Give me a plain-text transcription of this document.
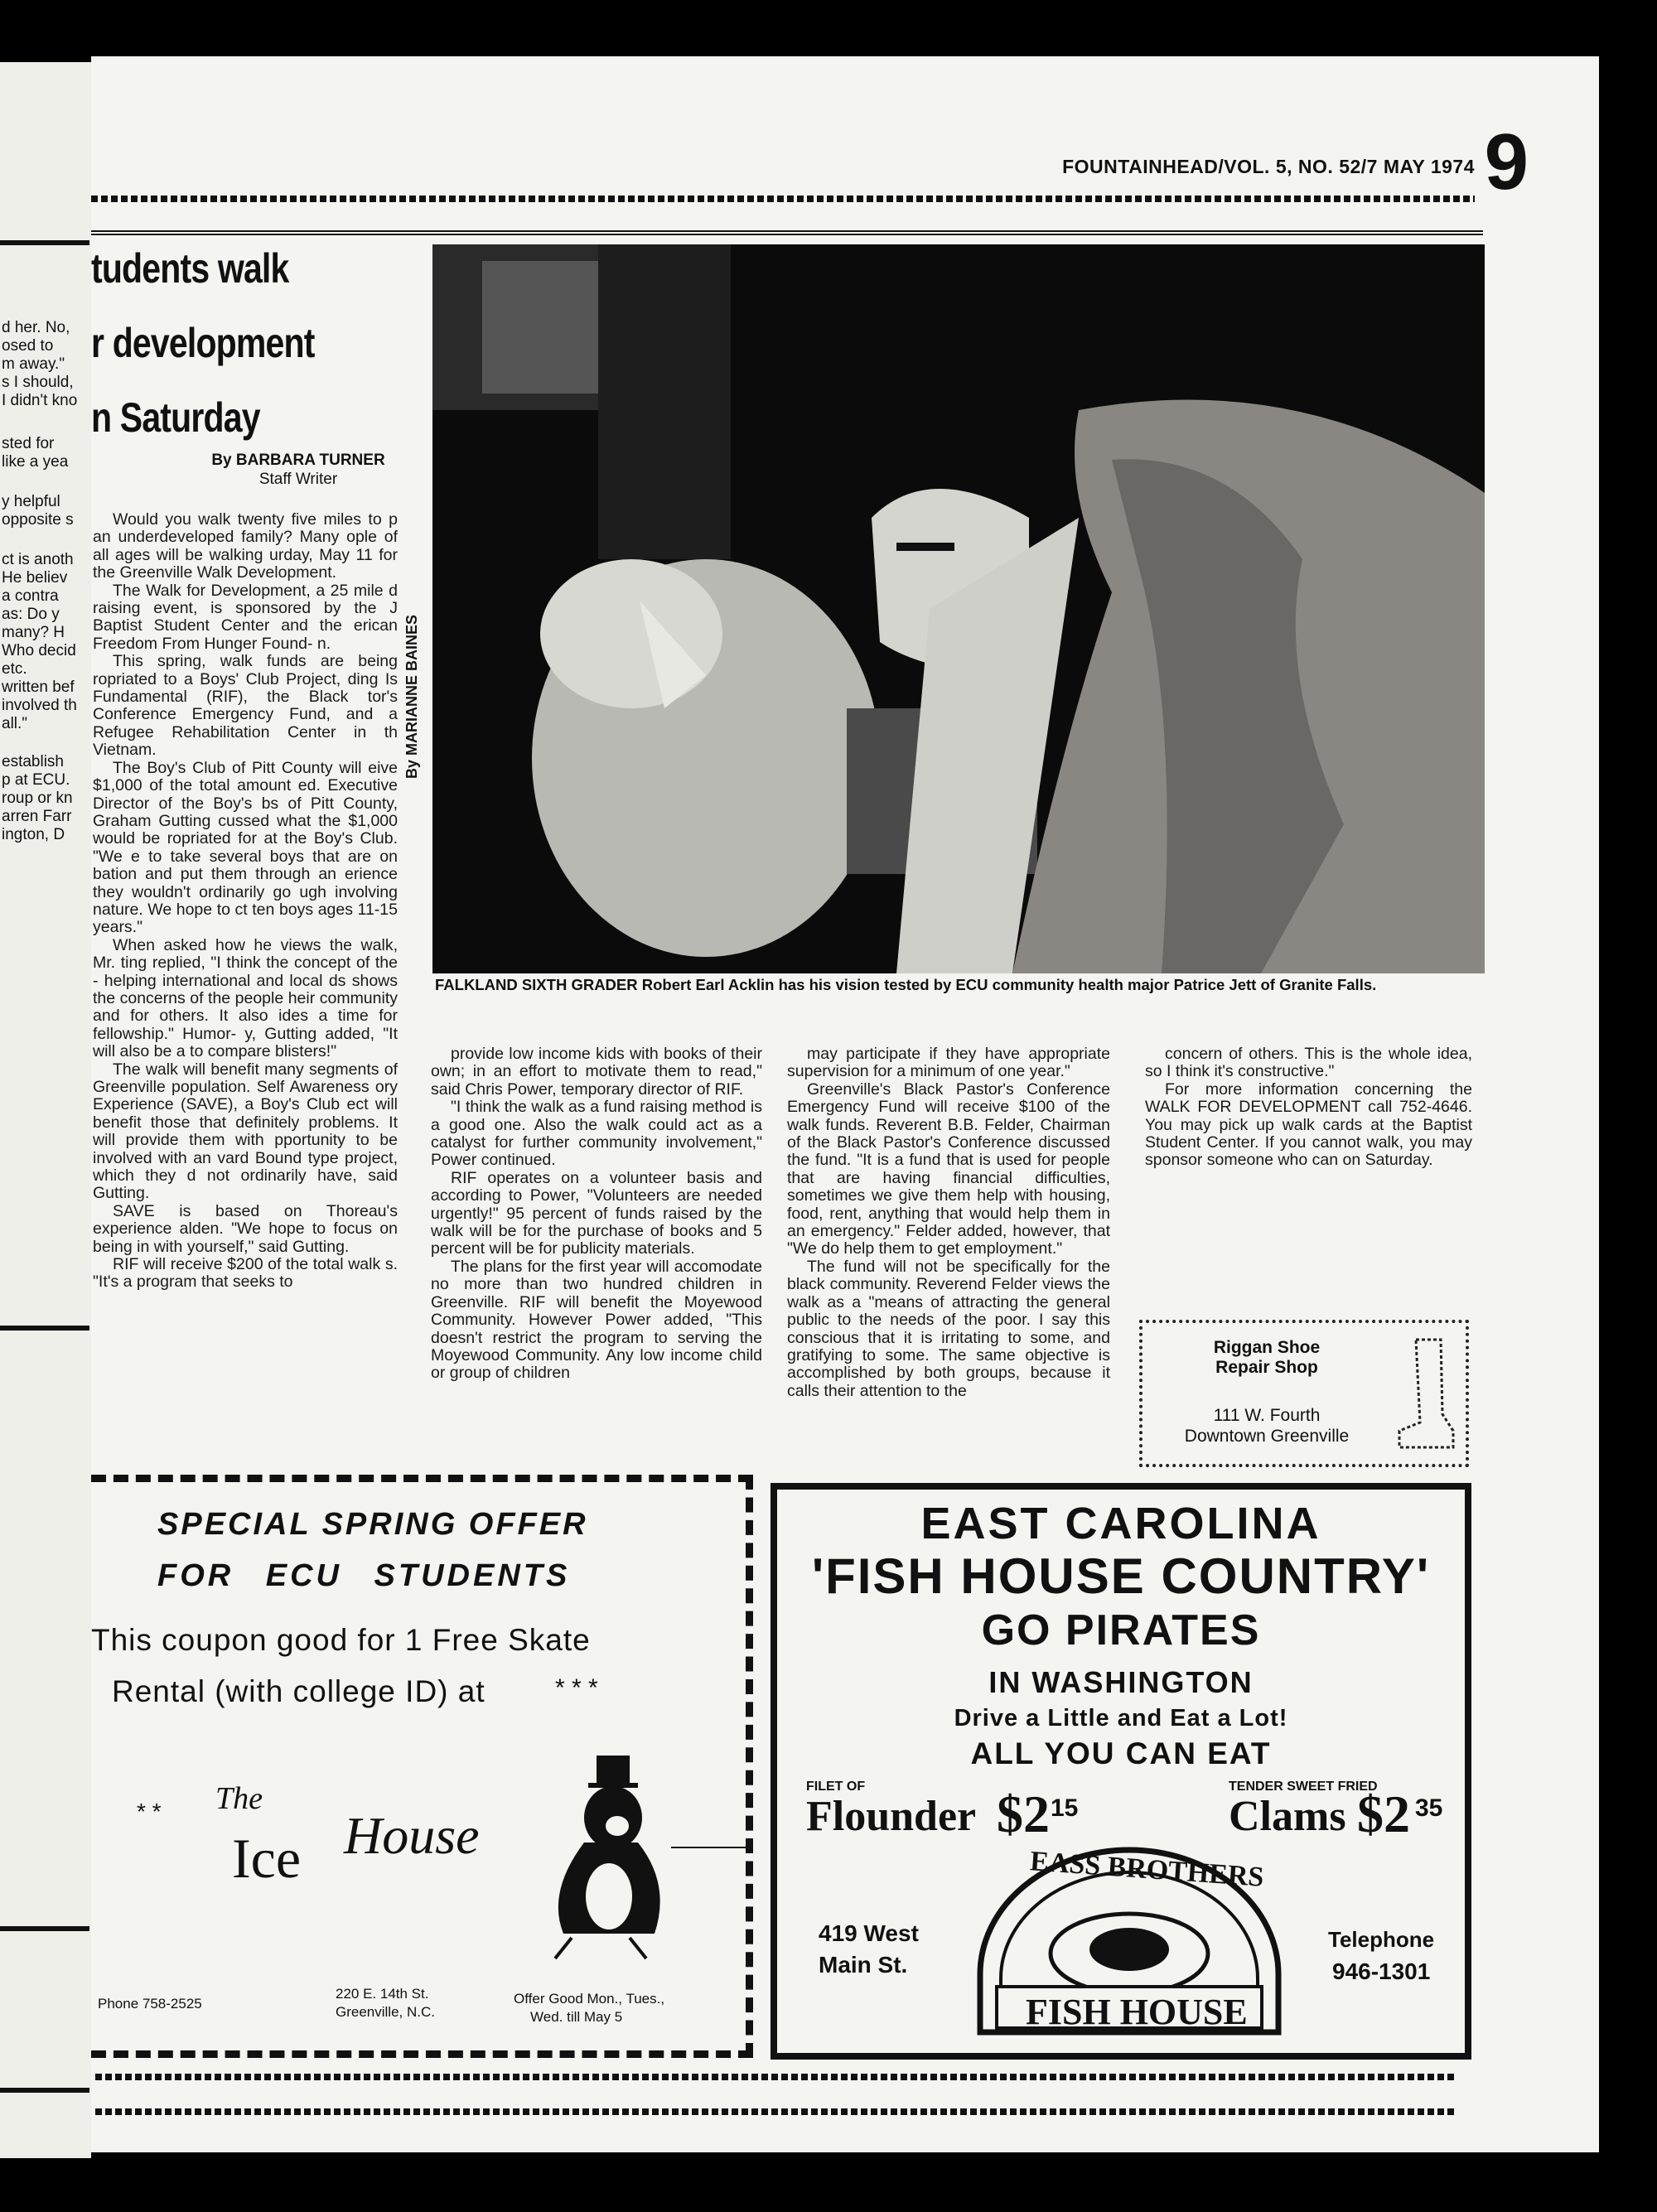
d her. No,
osed to
m away."
s I should,
I didn't kno
sted for
like a yea
y helpful
opposite s
ct is anoth
He believ
a contra
as: Do y
many? H
Who decid
etc.
written bef
involved th
all."
establish
p at ECU.
roup or kn
arren Farr
ington, D
9
FOUNTAINHEAD/VOL. 5, NO. 52/7 MAY 1974
tudents walk
r development
n Saturday
By BARBARA TURNER
Staff Writer

Would you walk twenty five miles to p an underdeveloped family? Many ople of all ages will be walking urday, May 11 for the Greenville Walk Development.

The Walk for Development, a 25 mile d raising event, is sponsored by the J Baptist Student Center and the erican Freedom From Hunger Found- n.

This spring, walk funds are being ropriated to a Boys' Club Project, ding Is Fundamental (RIF), the Black tor's Conference Emergency Fund, and a Refugee Rehabilitation Center in th Vietnam.

The Boy's Club of Pitt County will eive $1,000 of the total amount ed. Executive Director of the Boy's bs of Pitt County, Graham Gutting cussed what the $1,000 would be ropriated for at the Boy's Club. "We e to take several boys that are on bation and put them through an erience they wouldn't ordinarily go ugh involving nature. We hope to ct ten boys ages 11-15 years."

When asked how he views the walk, Mr. ting replied, "I think the concept of the - helping international and local ds shows the concerns of the people heir community and for others. It also ides a time for fellowship." Humor- y, Gutting added, "It will also be a to compare blisters!"

The walk will benefit many segments of Greenville population. Self Awareness ory Experience (SAVE), a Boy's Club ect will benefit those that definitely problems. It will provide them with pportunity to be involved with an vard Bound type project, which they d not ordinarily have, said Gutting.

SAVE is based on Thoreau's experience alden. "We hope to focus on being in with yourself," said Gutting.

RIF will receive $200 of the total walk s. "It's a program that seeks to

By MARIANNE BAINES
FALKLAND SIXTH GRADER Robert Earl Acklin has his vision tested by ECU community health major Patrice Jett of Granite Falls.

provide low income kids with books of their own; in an effort to motivate them to read," said Chris Power, temporary director of RIF.

"I think the walk as a fund raising method is a good one. Also the walk could act as a catalyst for further community involvement," Power continued.

RIF operates on a volunteer basis and according to Power, "Volunteers are needed urgently!" 95 percent of funds raised by the walk will be for the purchase of books and 5 percent will be for publicity materials.

The plans for the first year will accomodate no more than two hundred children in Greenville. RIF will benefit the Moyewood Community. However Power added, "This doesn't restrict the program to serving the Moyewood Community. Any low income child or group of children

may participate if they have appropriate supervision for a minimum of one year."

Greenville's Black Pastor's Conference Emergency Fund will receive $100 of the walk funds. Reverent B.B. Felder, Chairman of the Black Pastor's Conference discussed the fund. "It is a fund that is used for people that are having financial difficulties, sometimes we give them help with housing, food, rent, anything that would help them in an emergency." Felder added, however, that "We do help them to get employment."

The fund will not be specifically for the black community. Reverend Felder views the walk as a "means of attracting the general public to the needs of the poor. I say this conscious that it is irritating to some, and gratifying to some. The same objective is accomplished by both groups, because it calls their attention to the

concern of others. This is the whole idea, so I think it's constructive."

For more information concerning the WALK FOR DEVELOPMENT call 752-4646. You may pick up walk cards at the Baptist Student Center. If you cannot walk, you may sponsor someone who can on Saturday.

Riggan Shoe
Repair Shop
111 W. Fourth
Downtown Greenville
SPECIAL SPRING OFFER
FOR ECU STUDENTS
This coupon good for 1 Free Skate
Rental (with college ID) at	* * *
* * The
Ice House
Phone 758-2525
220 E. 14th St.
Greenville, N.C.
Offer Good Mon., Tues.,
Wed. till May 5
EAST CAROLINA
'FISH HOUSE COUNTRY'
GO PIRATES
IN WASHINGTON
Drive a Little and Eat a Lot!
ALL YOU CAN EAT
FILET OF
Flounder $2 15
TENDER SWEET FRIED
Clams $2 35
419 West
Main St.
Telephone
946-1301
EASS BROTHERS
FISH HOUSE
